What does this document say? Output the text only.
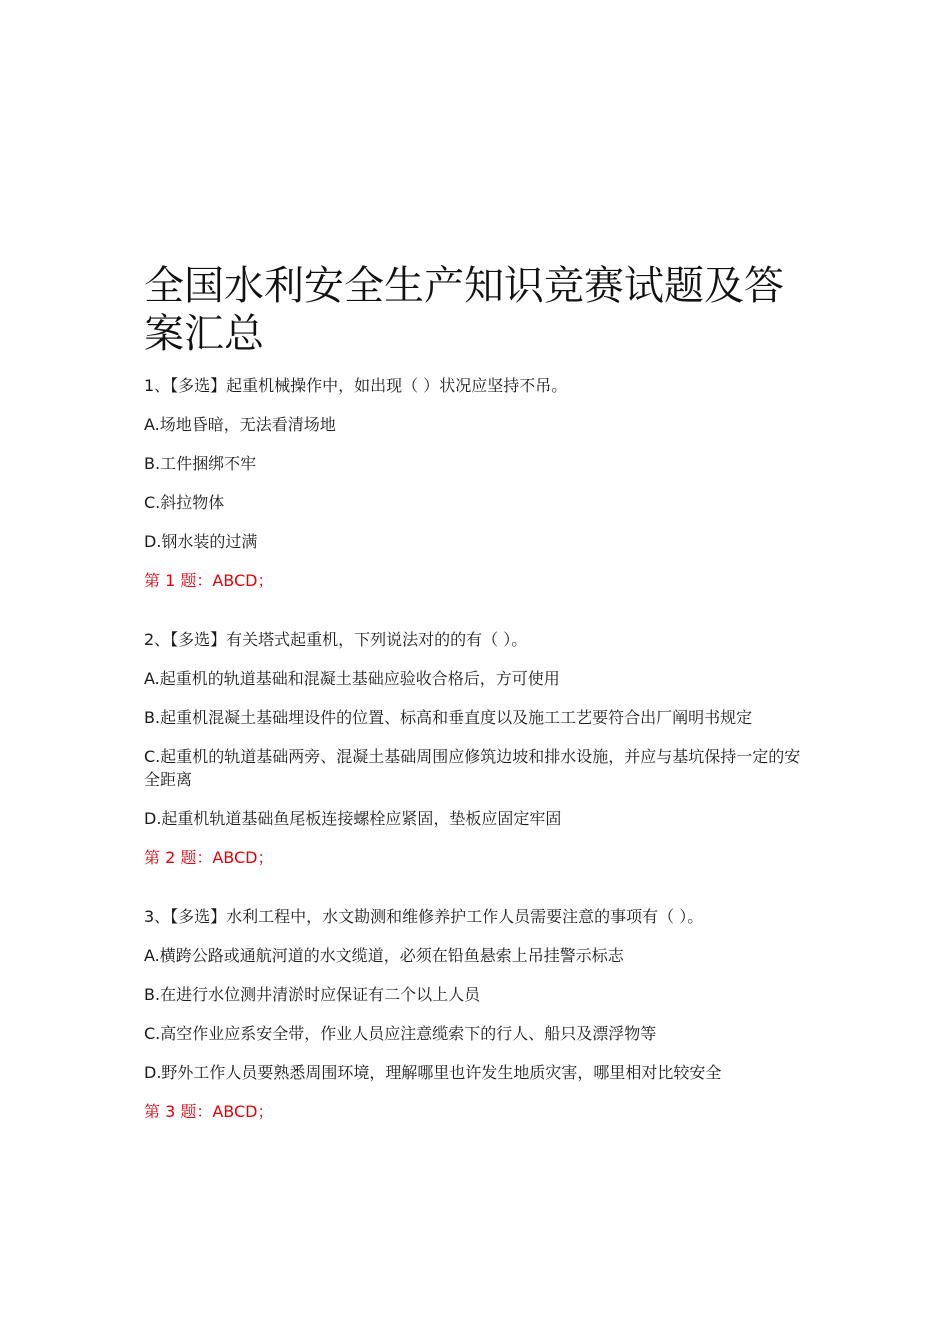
全国水利安全生产知识竞赛试题及答案汇总

1、【多选】起重机械操作中，如出现（ ）状况应坚持不吊。

A.场地昏暗，无法看清场地

B.工件捆绑不牢

C.斜拉物体

D.钢水装的过满

第 1 题：ABCD；

2、【多选】有关塔式起重机，下列说法对的的有（ ）。

A.起重机的轨道基础和混凝土基础应验收合格后，方可使用

B.起重机混凝土基础埋设件的位置、标高和垂直度以及施工工艺要符合出厂阐明书规定

C.起重机的轨道基础两旁、混凝土基础周围应修筑边坡和排水设施，并应与基坑保持一定的安全距离

D.起重机轨道基础鱼尾板连接螺栓应紧固，垫板应固定牢固

第 2 题：ABCD；

3、【多选】水利工程中，水文勘测和维修养护工作人员需要注意的事项有（ ）。

A.横跨公路或通航河道的水文缆道，必须在铅鱼悬索上吊挂警示标志

B.在进行水位测井清淤时应保证有二个以上人员

C.高空作业应系安全带，作业人员应注意缆索下的行人、船只及漂浮物等

D.野外工作人员要熟悉周围环境，理解哪里也许发生地质灾害，哪里相对比较安全

第 3 题：ABCD；
